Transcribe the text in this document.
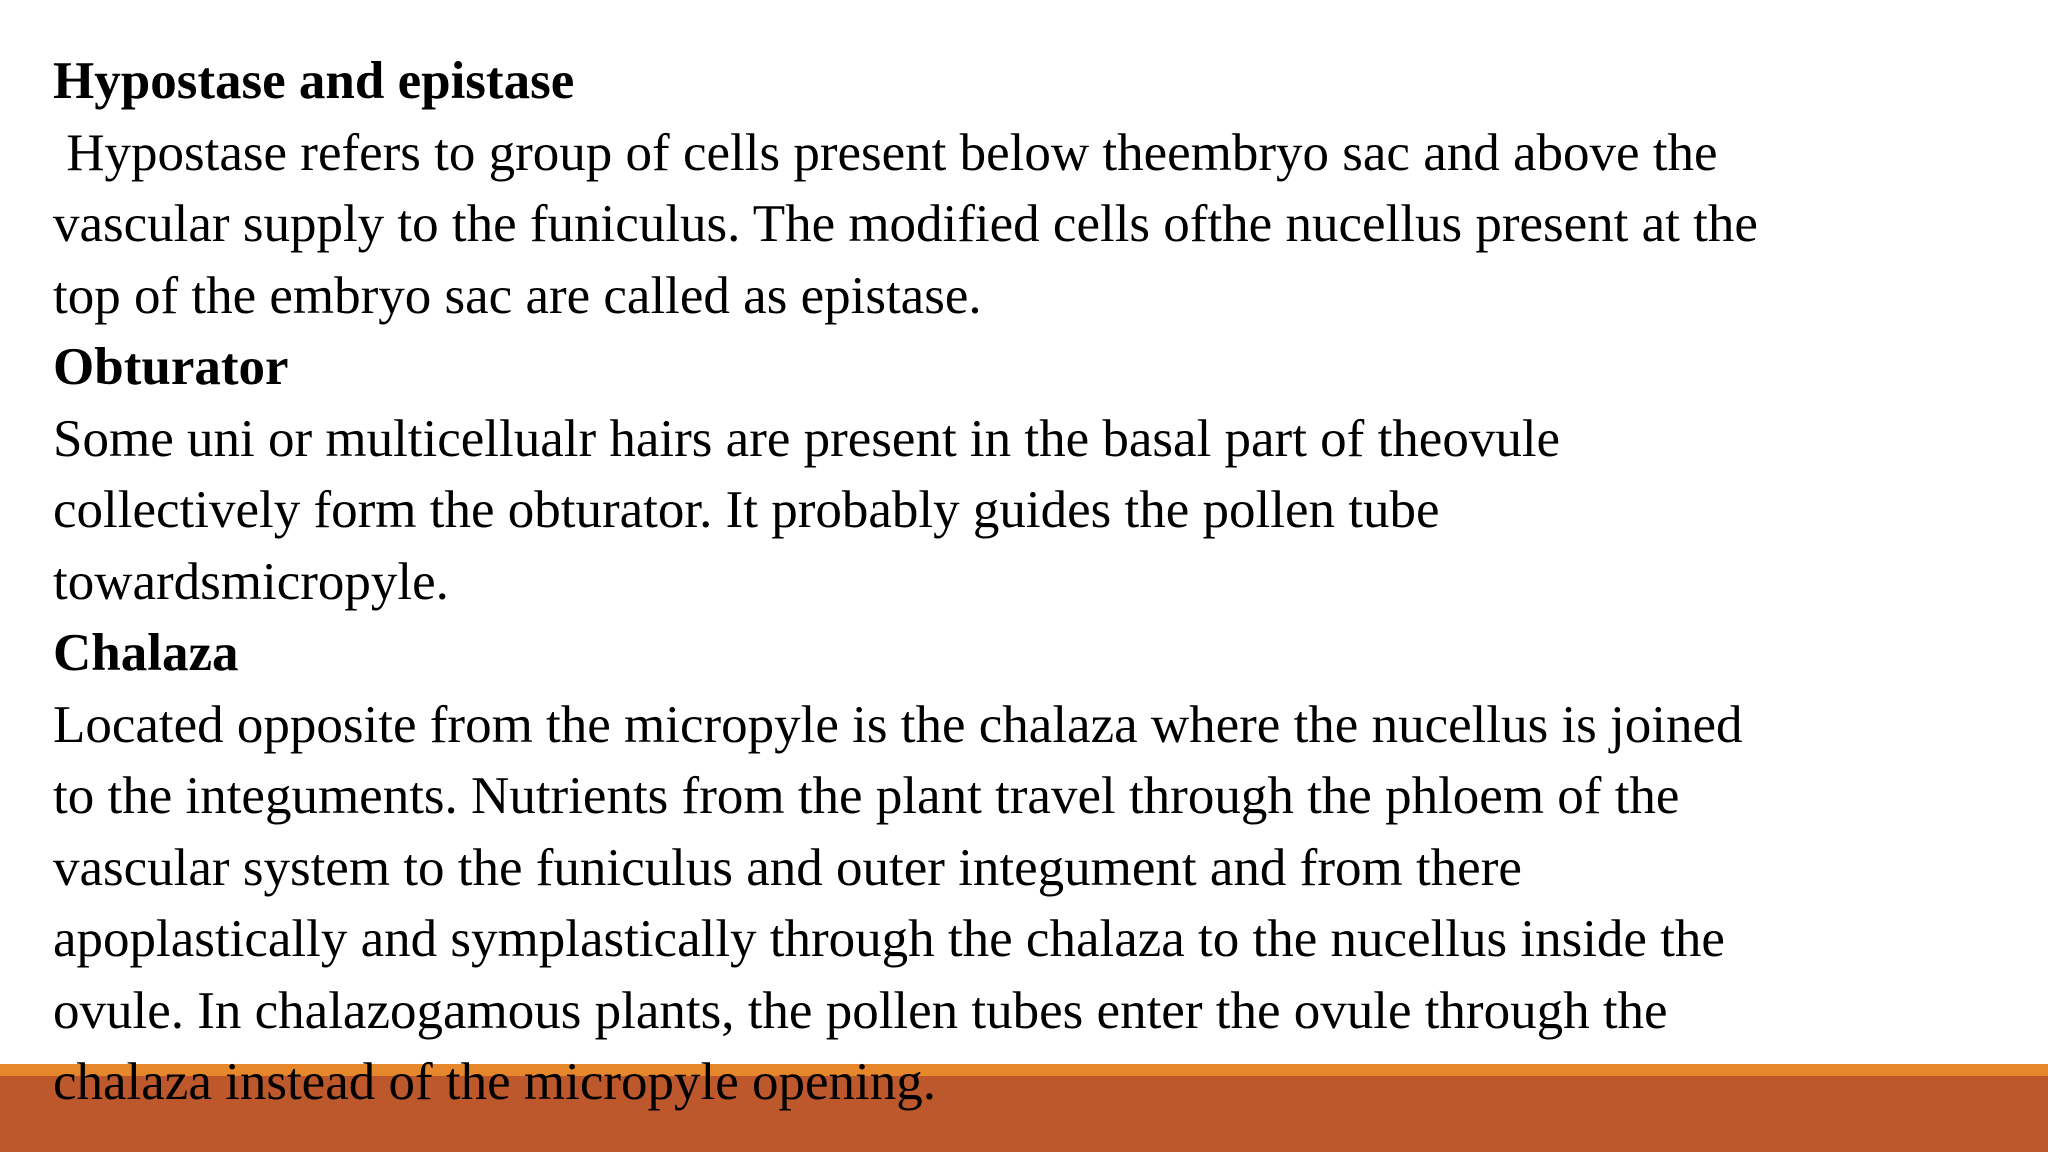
Hypostase and epistase

Hypostase refers to group of cells present below theembryo sac and above the
vascular supply to the funiculus. The modified cells ofthe nucellus present at the
top of the embryo sac are called as epistase.

Obturator

Some uni or multicellualr hairs are present in the basal part of theovule
collectively form the obturator. It probably guides the pollen tube
towardsmicropyle.

Chalaza

Located opposite from the micropyle is the chalaza where the nucellus is joined
to the integuments. Nutrients from the plant travel through the phloem of the
vascular system to the funiculus and outer integument and from there
apoplastically and symplastically through the chalaza to the nucellus inside the
ovule. In chalazogamous plants, the pollen tubes enter the ovule through the
chalaza instead of the micropyle opening.
